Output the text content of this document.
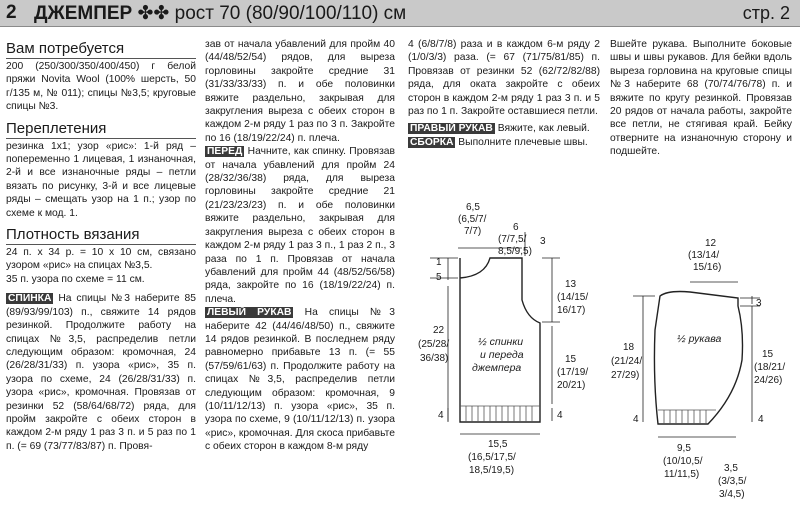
2 ДЖЕМПЕР ✤✤ рост 70 (80/90/100/110) см	стр. 2
Вам потребуется

200 (250/300/350/400/450) г белой пряжи Novita Wool (100% шерсть, 50 г/135 м, № 011); спицы №3,5; круговые спицы №3.

Переплетения

резинка 1х1; узор «рис»: 1-й ряд – попеременно 1 лицевая, 1 изнаночная, 2-й и все изнаночные ряды – петли вязать по рисунку, 3-й и все лицевые ряды – смещать узор на 1 п.; узор по схеме к мод. 1.

Плотность вязания

24 п. х 34 р. = 10 х 10 см, связано узором «рис» на спицах №3,5.

35 п. узора по схеме = 11 см.

СПИНКА На спицы №3 наберите 85 (89/93/99/103) п., свяжите 14 рядов резинкой. Продолжите работу на спицах №3,5, распределив петли следующим образом: кромочная, 24 (26/28/31/33) п. узора «рис», 35 п. узора по схеме, 24 (26/28/31/33) п. узора «рис», кромочная. Провязав от резинки 52 (58/64/68/72) ряда, для пройм закройте с обеих сторон в каждом 2-м ряду 1 раз 3 п. и 5 раз по 1 п. (= 69 (73/77/83/87) п. Провя-

зав от начала убавлений для пройм 40 (44/48/52/54) рядов, для выреза горловины закройте средние 31 (31/33/33/33) п. и обе половинки вяжите раздельно, закрывая для закругления выреза с обеих сторон в каждом 2-м ряду 1 раз по 3 п. Закройте по 16 (18/19/22/24) п. плеча.

ПЕРЕД Начните, как спинку. Провязав от начала убавлений для пройм 24 (28/32/36/38) ряда, для выреза горловины закройте средние 21 (21/23/23/23) п. и обе половинки вяжите раздельно, закрывая для закругления выреза с обеих сторон в каждом 2-м ряду 1 раз 3 п., 1 раз 2 п., 3 раза по 1 п. Провязав от начала убавлений для пройм 44 (48/52/56/58) ряда, закройте по 16 (18/19/22/24) п. плеча.

ЛЕВЫЙ РУКАВ На спицы №3 наберите 42 (44/46/48/50) п., свяжите 14 рядов резинкой. В последнем ряду равномерно прибавьте 13 п. (= 55 (57/59/61/63) п. Продолжите работу на спицах №3,5, распределив петли следующим образом: кромочная, 9 (10/11/12/13) п. узора «рис», 35 п. узора по схеме, 9 (10/11/12/13) п. узора «рис», кромочная. Для скоса прибавьте с обеих сторон в каждом 8-м ряду

4 (6/8/7/8) раза и в каждом 6-м ряду 2 (1/0/3/3) раза. (= 67 (71/75/81/85) п. Провязав от резинки 52 (62/72/82/88) ряда, для оката закройте с обеих сторон в каждом 2-м ряду 1 раз 3 п. и 5 раз по 1 п. Закройте оставшиеся петли.

ПРАВЫЙ РУКАВ Вяжите, как левый.

СБОРКА Выполните плечевые швы.

Вшейте рукава. Выполните боковые швы и швы рукавов. Для бейки вдоль выреза горловина на круговые спицы №3 наберите 68 (70/74/76/78) п. и вяжите по кругу резинкой. Провязав 20 рядов от начала работы, закройте все петли, не стягивая край. Бейку отверните на изнаночную сторону и подшейте.

6,5
(6,5/7/
7/7)	6
(7/7,5/
8,5/9,5)
3
1
5
22
(25/28/
36/38)
13
(14/15/
16/17)
15
(17/19/
20/21)
4	4
15,5
(16,5/17,5/
18,5/19,5)
½ спинки
и переда
джемпера
12
(13/14/
15/16)
3
18
(21/24/
27/29)
15
(18/21/
24/26)
4	4
9,5
(10/10,5/
11/11,5)
3,5
(3/3,5/
3/4,5)
½ рукава
